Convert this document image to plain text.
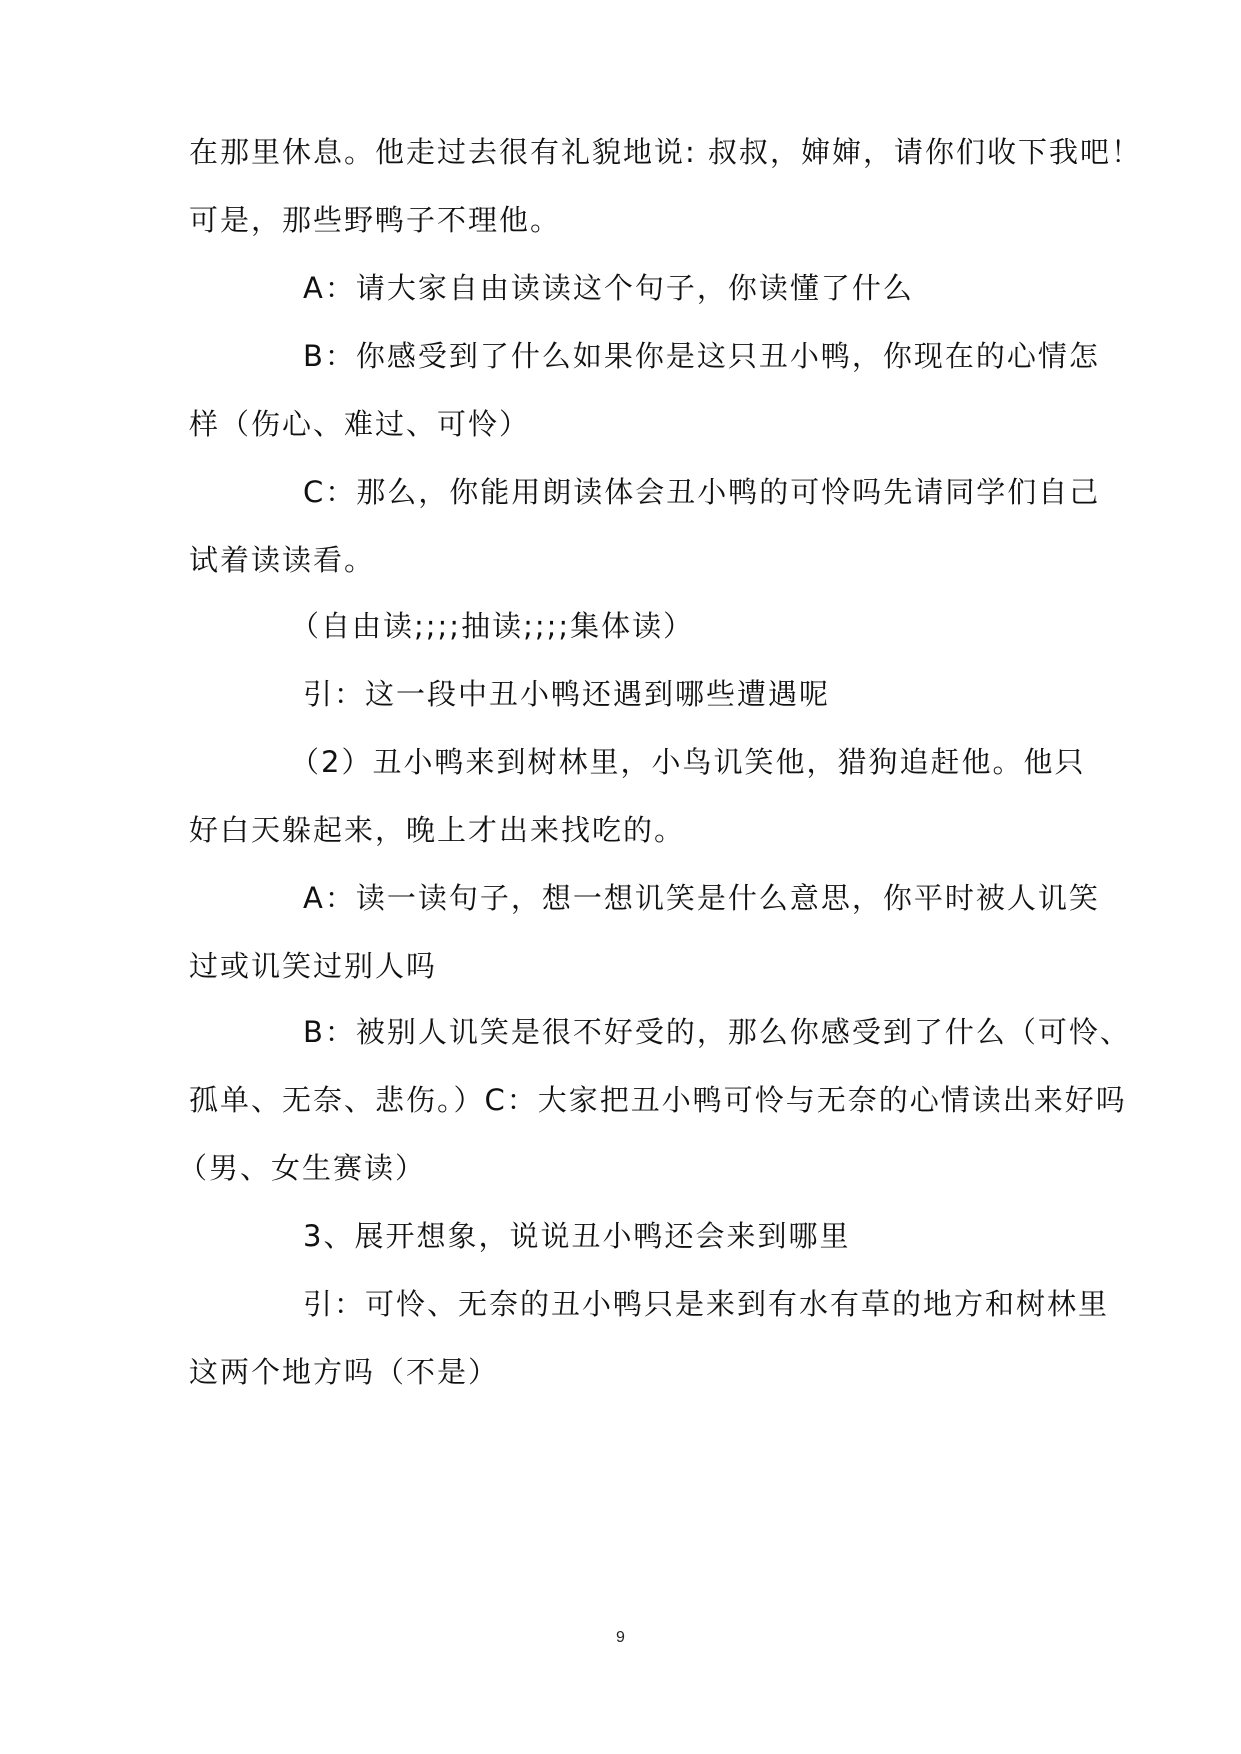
在那里休息。他走过去很有礼貌地说: 叔叔，婶婶，请你们收下我吧！
可是，那些野鸭子不理他。
A：请大家自由读读这个句子，你读懂了什么
B：你感受到了什么如果你是这只丑小鸭，你现在的心情怎
样（伤心、难过、可怜）
C：那么，你能用朗读体会丑小鸭的可怜吗先请同学们自己
试着读读看。
（自由读;;;;抽读;;;;集体读）
引：这一段中丑小鸭还遇到哪些遭遇呢
（2）丑小鸭来到树林里，小鸟讥笑他，猎狗追赶他。他只
好白天躲起来，晚上才出来找吃的。
A：读一读句子，想一想讥笑是什么意思，你平时被人讥笑
过或讥笑过别人吗
B：被别人讥笑是很不好受的，那么你感受到了什么（可怜、
孤单、无奈、悲伤。）C：大家把丑小鸭可怜与无奈的心情读出来好吗
（男、女生赛读）
3、展开想象，说说丑小鸭还会来到哪里
引：可怜、无奈的丑小鸭只是来到有水有草的地方和树林里
这两个地方吗（不是）
9
